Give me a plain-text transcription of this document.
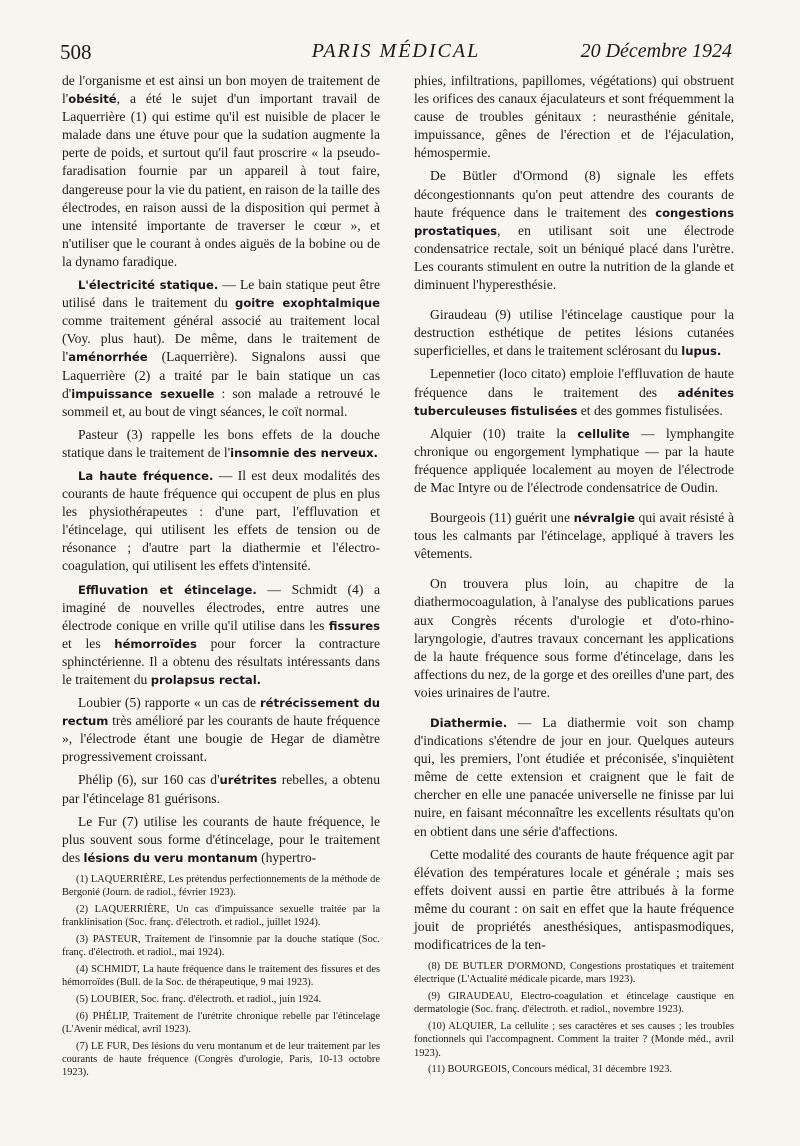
508	PARIS MÉDICAL	20 Décembre 1924

de l'organisme et est ainsi un bon moyen de traitement de l'obésité, a été le sujet d'un important travail de Laquerrière (1) qui estime qu'il est nuisible de placer le malade dans une étuve pour que la sudation augmente la perte de poids, et surtout qu'il faut proscrire « la pseudo-faradisation fournie par un appareil à tout faire, dangereuse pour la vie du patient, en raison de la taille des électrodes, en raison aussi de la disposition qui permet à une intensité importante de traverser le cœur », et n'utiliser que le courant à ondes aiguës de la bobine ou de la dynamo faradique.

L'électricité statique. — Le bain statique peut être utilisé dans le traitement du goitre exophtalmique comme traitement général associé au traitement local (Voy. plus haut). De même, dans le traitement de l'aménorrhée (Laquerrière). Signalons aussi que Laquerrière (2) a traité par le bain statique un cas d'impuissance sexuelle : son malade a retrouvé le sommeil et, au bout de vingt séances, le coït normal.

Pasteur (3) rappelle les bons effets de la douche statique dans le traitement de l'insomnie des nerveux.

La haute fréquence. — Il est deux modalités des courants de haute fréquence qui occupent de plus en plus les physiothérapeutes : d'une part, l'effluvation et l'étincelage, qui utilisent les effets de tension ou de résonance ; d'autre part la diathermie et l'électro-coagulation, qui utilisent les effets d'intensité.

Effluvation et étincelage. — Schmidt (4) a imaginé de nouvelles électrodes, entre autres une électrode conique en vrille qu'il utilise dans les fissures et les hémorroïdes pour forcer la contracture sphinctérienne. Il a obtenu des résultats intéressants dans le traitement du prolapsus rectal.

Loubier (5) rapporte « un cas de rétrécissement du rectum très amélioré par les courants de haute fréquence », l'électrode étant une bougie de Hegar de diamètre progressivement croissant.

Phélip (6), sur 160 cas d'urétrites rebelles, a obtenu par l'étincelage 81 guérisons.

Le Fur (7) utilise les courants de haute fréquence, le plus souvent sous forme d'étincelage, pour le traitement des lésions du veru montanum (hypertro-

(1) LAQUERRIÈRE, Les prétendus perfectionnements de la méthode de Bergonié (Journ. de radiol., février 1923).

(2) LAQUERRIÈRE, Un cas d'impuissance sexuelle traitée par la franklinisation (Soc. franç. d'électroth. et radiol., juillet 1924).

(3) PASTEUR, Traitement de l'insomnie par la douche statique (Soc. franç. d'électroth. et radiol., mai 1924).

(4) SCHMIDT, La haute fréquence dans le traitement des fissures et des hémorroïdes (Bull. de la Soc. de thérapeutique, 9 mai 1923).

(5) LOUBIER, Soc. franç. d'électroth. et radiol., juin 1924.

(6) PHÉLIP, Traitement de l'urétrite chronique rebelle par l'étincelage (L'Avenir médical, avril 1923).

(7) LE FUR, Des lésions du veru montanum et de leur traitement par les courants de haute fréquence (Congrès d'urologie, Paris, 10-13 octobre 1923).

phies, infiltrations, papillomes, végétations) qui obstruent les orifices des canaux éjaculateurs et sont fréquemment la cause de troubles génitaux : neurasthénie génitale, impuissance, gênes de l'érection et de l'éjaculation, hémospermie.

De Bütler d'Ormond (8) signale les effets décongestionnants qu'on peut attendre des courants de haute fréquence dans le traitement des congestions prostatiques, en utilisant soit une électrode condensatrice rectale, soit un béniqué placé dans l'urètre. Les courants stimulent en outre la nutrition de la glande et diminuent l'hyperesthésie.

Giraudeau (9) utilise l'étincelage caustique pour la destruction esthétique de petites lésions cutanées superficielles, et dans le traitement sclérosant du lupus.

Lepennetier (loco citato) emploie l'effluvation de haute fréquence dans le traitement des adénites tuberculeuses fistulisées et des gommes fistulisées.

Alquier (10) traite la cellulite — lymphangite chronique ou engorgement lymphatique — par la haute fréquence appliquée localement au moyen de l'électrode de Mac Intyre ou de l'électrode condensatrice de Oudin.

Bourgeois (11) guérit une névralgie qui avait résisté à tous les calmants par l'étincelage, appliqué à travers les vêtements.

On trouvera plus loin, au chapitre de la diathermocoagulation, à l'analyse des publications parues aux Congrès récents d'urologie et d'oto-rhino-laryngologie, d'autres travaux concernant les applications de la haute fréquence sous forme d'étincelage, dans les affections du nez, de la gorge et des oreilles d'une part, des voies urinaires de l'autre.

Diathermie. — La diathermie voit son champ d'indications s'étendre de jour en jour. Quelques auteurs qui, les premiers, l'ont étudiée et préconisée, s'inquiètent même de cette extension et craignent que le fait de chercher en elle une panacée universelle ne finisse par lui nuire, en faisant méconnaître les excellents résultats qu'on en obtient dans une série d'affections.

Cette modalité des courants de haute fréquence agit par élévation des températures locale et générale ; mais ses effets doivent aussi en partie être attribués à la forme même du courant : on sait en effet que la haute fréquence jouit de propriétés anesthésiques, antispasmodiques, modificatrices de la ten-

(8) DE BUTLER D'ORMOND, Congestions prostatiques et traitement électrique (L'Actualité médicale picarde, mars 1923).

(9) GIRAUDEAU, Electro-coagulation et étincelage caustique en dermatologie (Soc. franç. d'électroth. et radiol., novembre 1923).

(10) ALQUIER, La cellulite ; ses caractères et ses causes ; les troubles fonctionnels qui l'accompagnent. Comment la traiter ? (Monde méd., avril 1923).

(11) BOURGEOIS, Concours médical, 31 décembre 1923.
